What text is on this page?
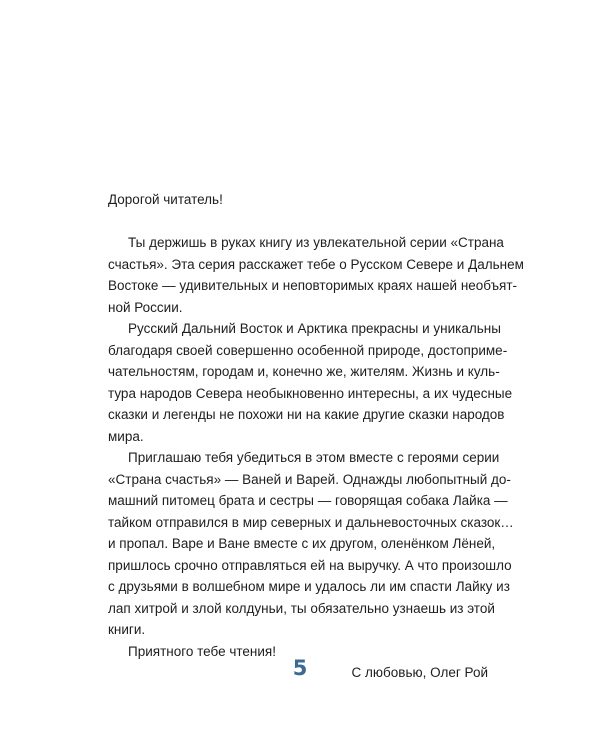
Дорогой читатель!

Ты держишь в руках книгу из увлекательной серии «Страна
счастья». Эта серия расскажет тебе о Русском Севере и Дальнем
Востоке — удивительных и неповторимых краях нашей необъят-
ной России.

Русский Дальний Восток и Арктика прекрасны и уникальны
благодаря своей совершенно особенной природе, достоприме-
чательностям, городам и, конечно же, жителям. Жизнь и куль-
тура народов Севера необыкновенно интересны, а их чудесные
сказки и легенды не похожи ни на какие другие сказки народов
мира.

Приглашаю тебя убедиться в этом вместе с героями серии
«Страна счастья» — Ваней и Варей. Однажды любопытный до-
машний питомец брата и сестры — говорящая собака Лайка —
тайком отправился в мир северных и дальневосточных сказок…
и пропал. Варе и Ване вместе с их другом, оленёнком Лёней,
пришлось срочно отправляться ей на выручку. А что произошло
с друзьями в волшебном мире и удалось ли им спасти Лайку из
лап хитрой и злой колдуньи, ты обязательно узнаешь из этой
книги.

Приятного тебе чтения!

С любовью, Олег Рой

5
